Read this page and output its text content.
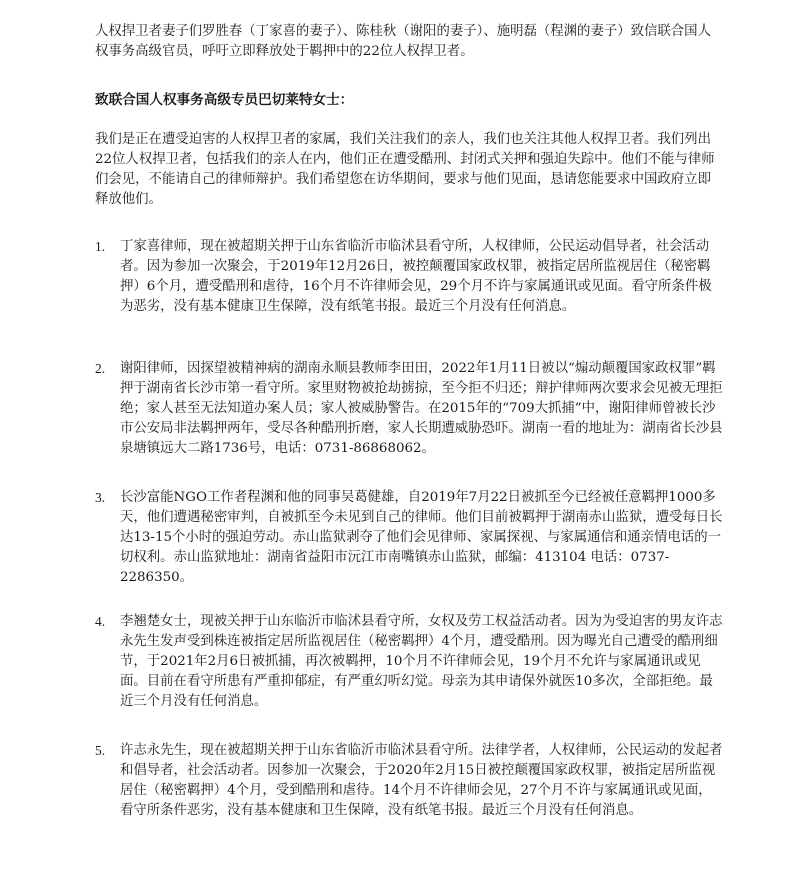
人权捍卫者妻子们罗胜春（丁家喜的妻子）、陈桂秋（谢阳的妻子）、施明磊（程渊的妻子）致信联合国人权事务高级官员，呼吁立即释放处于羁押中的22位人权捍卫者。

致联合国人权事务高级专员巴切莱特女士：

我们是正在遭受迫害的人权捍卫者的家属，我们关注我们的亲人，我们也关注其他人权捍卫者。我们列出22位人权捍卫者，包括我们的亲人在内，他们正在遭受酷刑、封闭式关押和强迫失踪中。他们不能与律师们会见，不能请自己的律师辩护。我们希望您在访华期间，要求与他们见面，恳请您能要求中国政府立即释放他们。

1.	丁家喜律师，现在被超期关押于山东省临沂市临沭县看守所，人权律师，公民运动倡导者，社会活动者。因为参加一次聚会，于2019年12月26日，被控颠覆国家政权罪，被指定居所监视居住（秘密羁押）6个月，遭受酷刑和虐待，16个月不许律师会见，29个月不许与家属通讯或见面。看守所条件极为恶劣，没有基本健康卫生保障，没有纸笔书报。最近三个月没有任何消息。

2.	谢阳律师，因探望被精神病的湖南永顺县教师李田田，2022年1月11日被以“煽动颠覆国家政权罪”羁押于湖南省长沙市第一看守所。家里财物被抢劫掳掠，至今拒不归还；辩护律师两次要求会见被无理拒绝；家人甚至无法知道办案人员；家人被威胁警告。在2015年的“709大抓捕”中，谢阳律师曾被长沙市公安局非法羁押两年，受尽各种酷刑折磨，家人长期遭威胁恐吓。湖南一看的地址为：湖南省长沙县泉塘镇远大二路1736号，电话：0731-86868062。

3.	长沙富能NGO工作者程渊和他的同事吴葛健雄，自2019年7月22日被抓至今已经被任意羁押1000多天，他们遭遇秘密审判，自被抓至今未见到自己的律师。他们目前被羁押于湖南赤山监狱，遭受每日长达13-15个小时的强迫劳动。赤山监狱剥夺了他们会见律师、家属探视、与家属通信和通亲情电话的一切权利。赤山监狱地址：湖南省益阳市沅江市南嘴镇赤山监狱，邮编：413104 电话：0737-2286350。

4.	李翘楚女士，现被关押于山东临沂市临沭县看守所，女权及劳工权益活动者。因为为受迫害的男友许志永先生发声受到株连被指定居所监视居住（秘密羁押）4个月，遭受酷刑。因为曝光自己遭受的酷刑细节，于2021年2月6日被抓捕，再次被羁押，10个月不许律师会见，19个月不允许与家属通讯或见面。目前在看守所患有严重抑郁症，有严重幻听幻觉。母亲为其申请保外就医10多次，全部拒绝。最近三个月没有任何消息。

5.	许志永先生，现在被超期关押于山东省临沂市临沭县看守所。法律学者，人权律师，公民运动的发起者和倡导者，社会活动者。因参加一次聚会，于2020年2月15日被控颠覆国家政权罪，被指定居所监视居住（秘密羁押）4个月，受到酷刑和虐待。14个月不许律师会见，27个月不许与家属通讯或见面，看守所条件恶劣，没有基本健康和卫生保障，没有纸笔书报。最近三个月没有任何消息。
